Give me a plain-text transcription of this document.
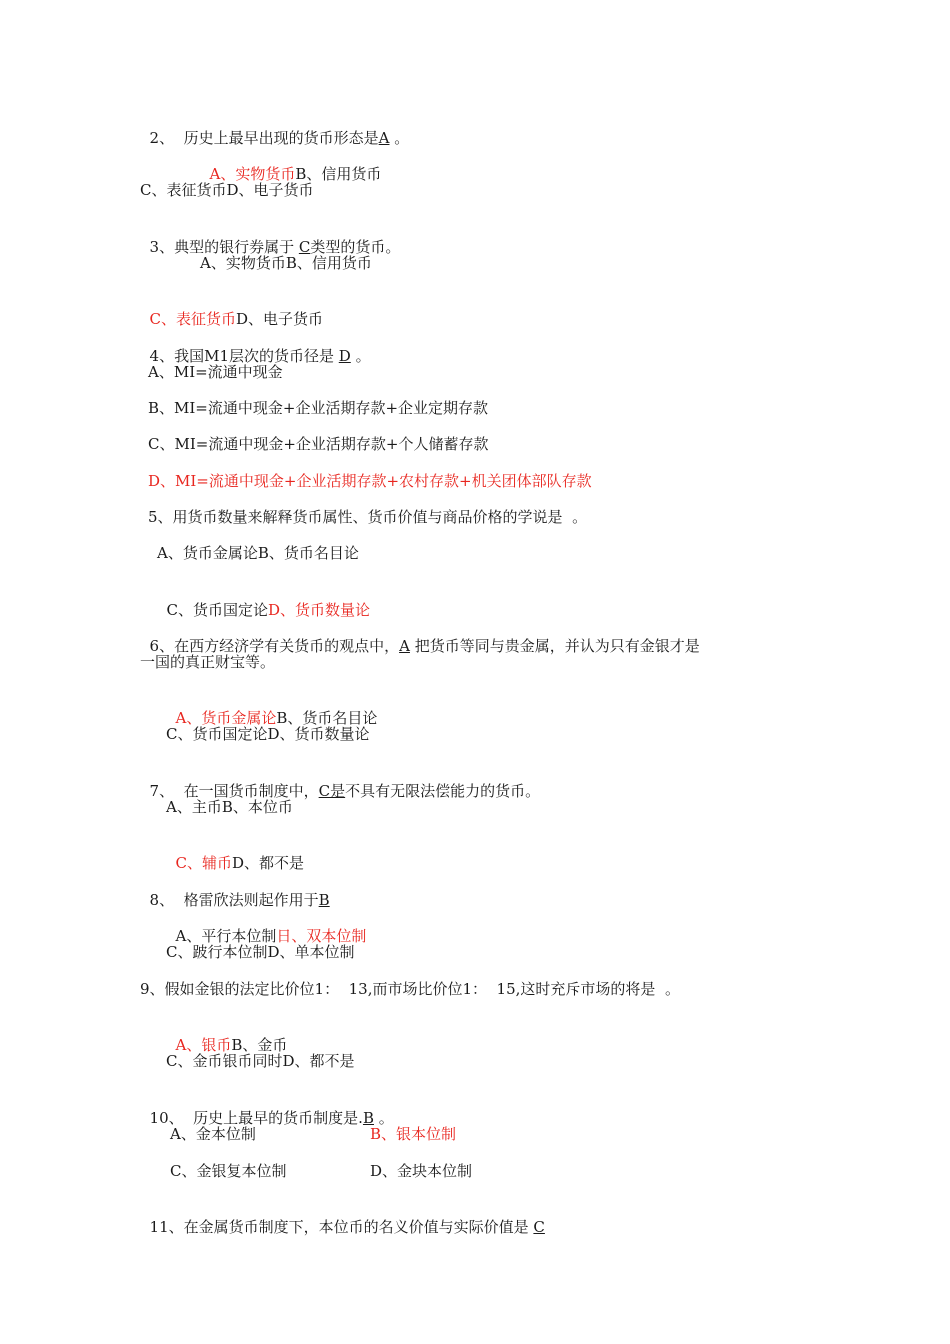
2、  历史上最早出现的货币形态是A 。

A、实物货币B、信用货币

C、表征货币D、电子货币

3、典型的银行券属于 C类型的货币。

A、实物货币B、信用货币

C、表征货币D、电子货币

4、我国M1层次的货币径是 D 。

A、MI=流通中现金
B、MI=流通中现金+企业活期存款+企业定期存款
C、MI=流通中现金+企业活期存款+个人储蓄存款
D、MI=流通中现金+企业活期存款+农村存款+机关团体部队存款
5、用货币数量来解释货币属性、货币价值与商品价格的学说是  。
A、货币金属论B、货币名目论

C、货币国定论D、货币数量论

6、在西方经济学有关货币的观点中，A 把货币等同与贵金属，并认为只有金银才是

一国的真正财宝等。

A、货币金属论B、货币名目论

C、货币国定论D、货币数量论

7、  在一国货币制度中，C是不具有无限法偿能力的货币。

A、主币B、本位币

C、辅币D、都不是

8、  格雷欣法则起作用于B

A、平行本位制日、双本位制

C、跛行本位制D、单本位制
9、假如金银的法定比价位1：  13,而市场比价位1：  15,这时充斥市场的将是  。

A、银币B、金币

C、金币银币同时D、都不是

10、  历史上最早的货币制度是.B 。

A、金本位制	B、银本位制
C、金银复本位制	D、金块本位制

11、在金属货币制度下，本位币的名义价值与实际价值是 C
